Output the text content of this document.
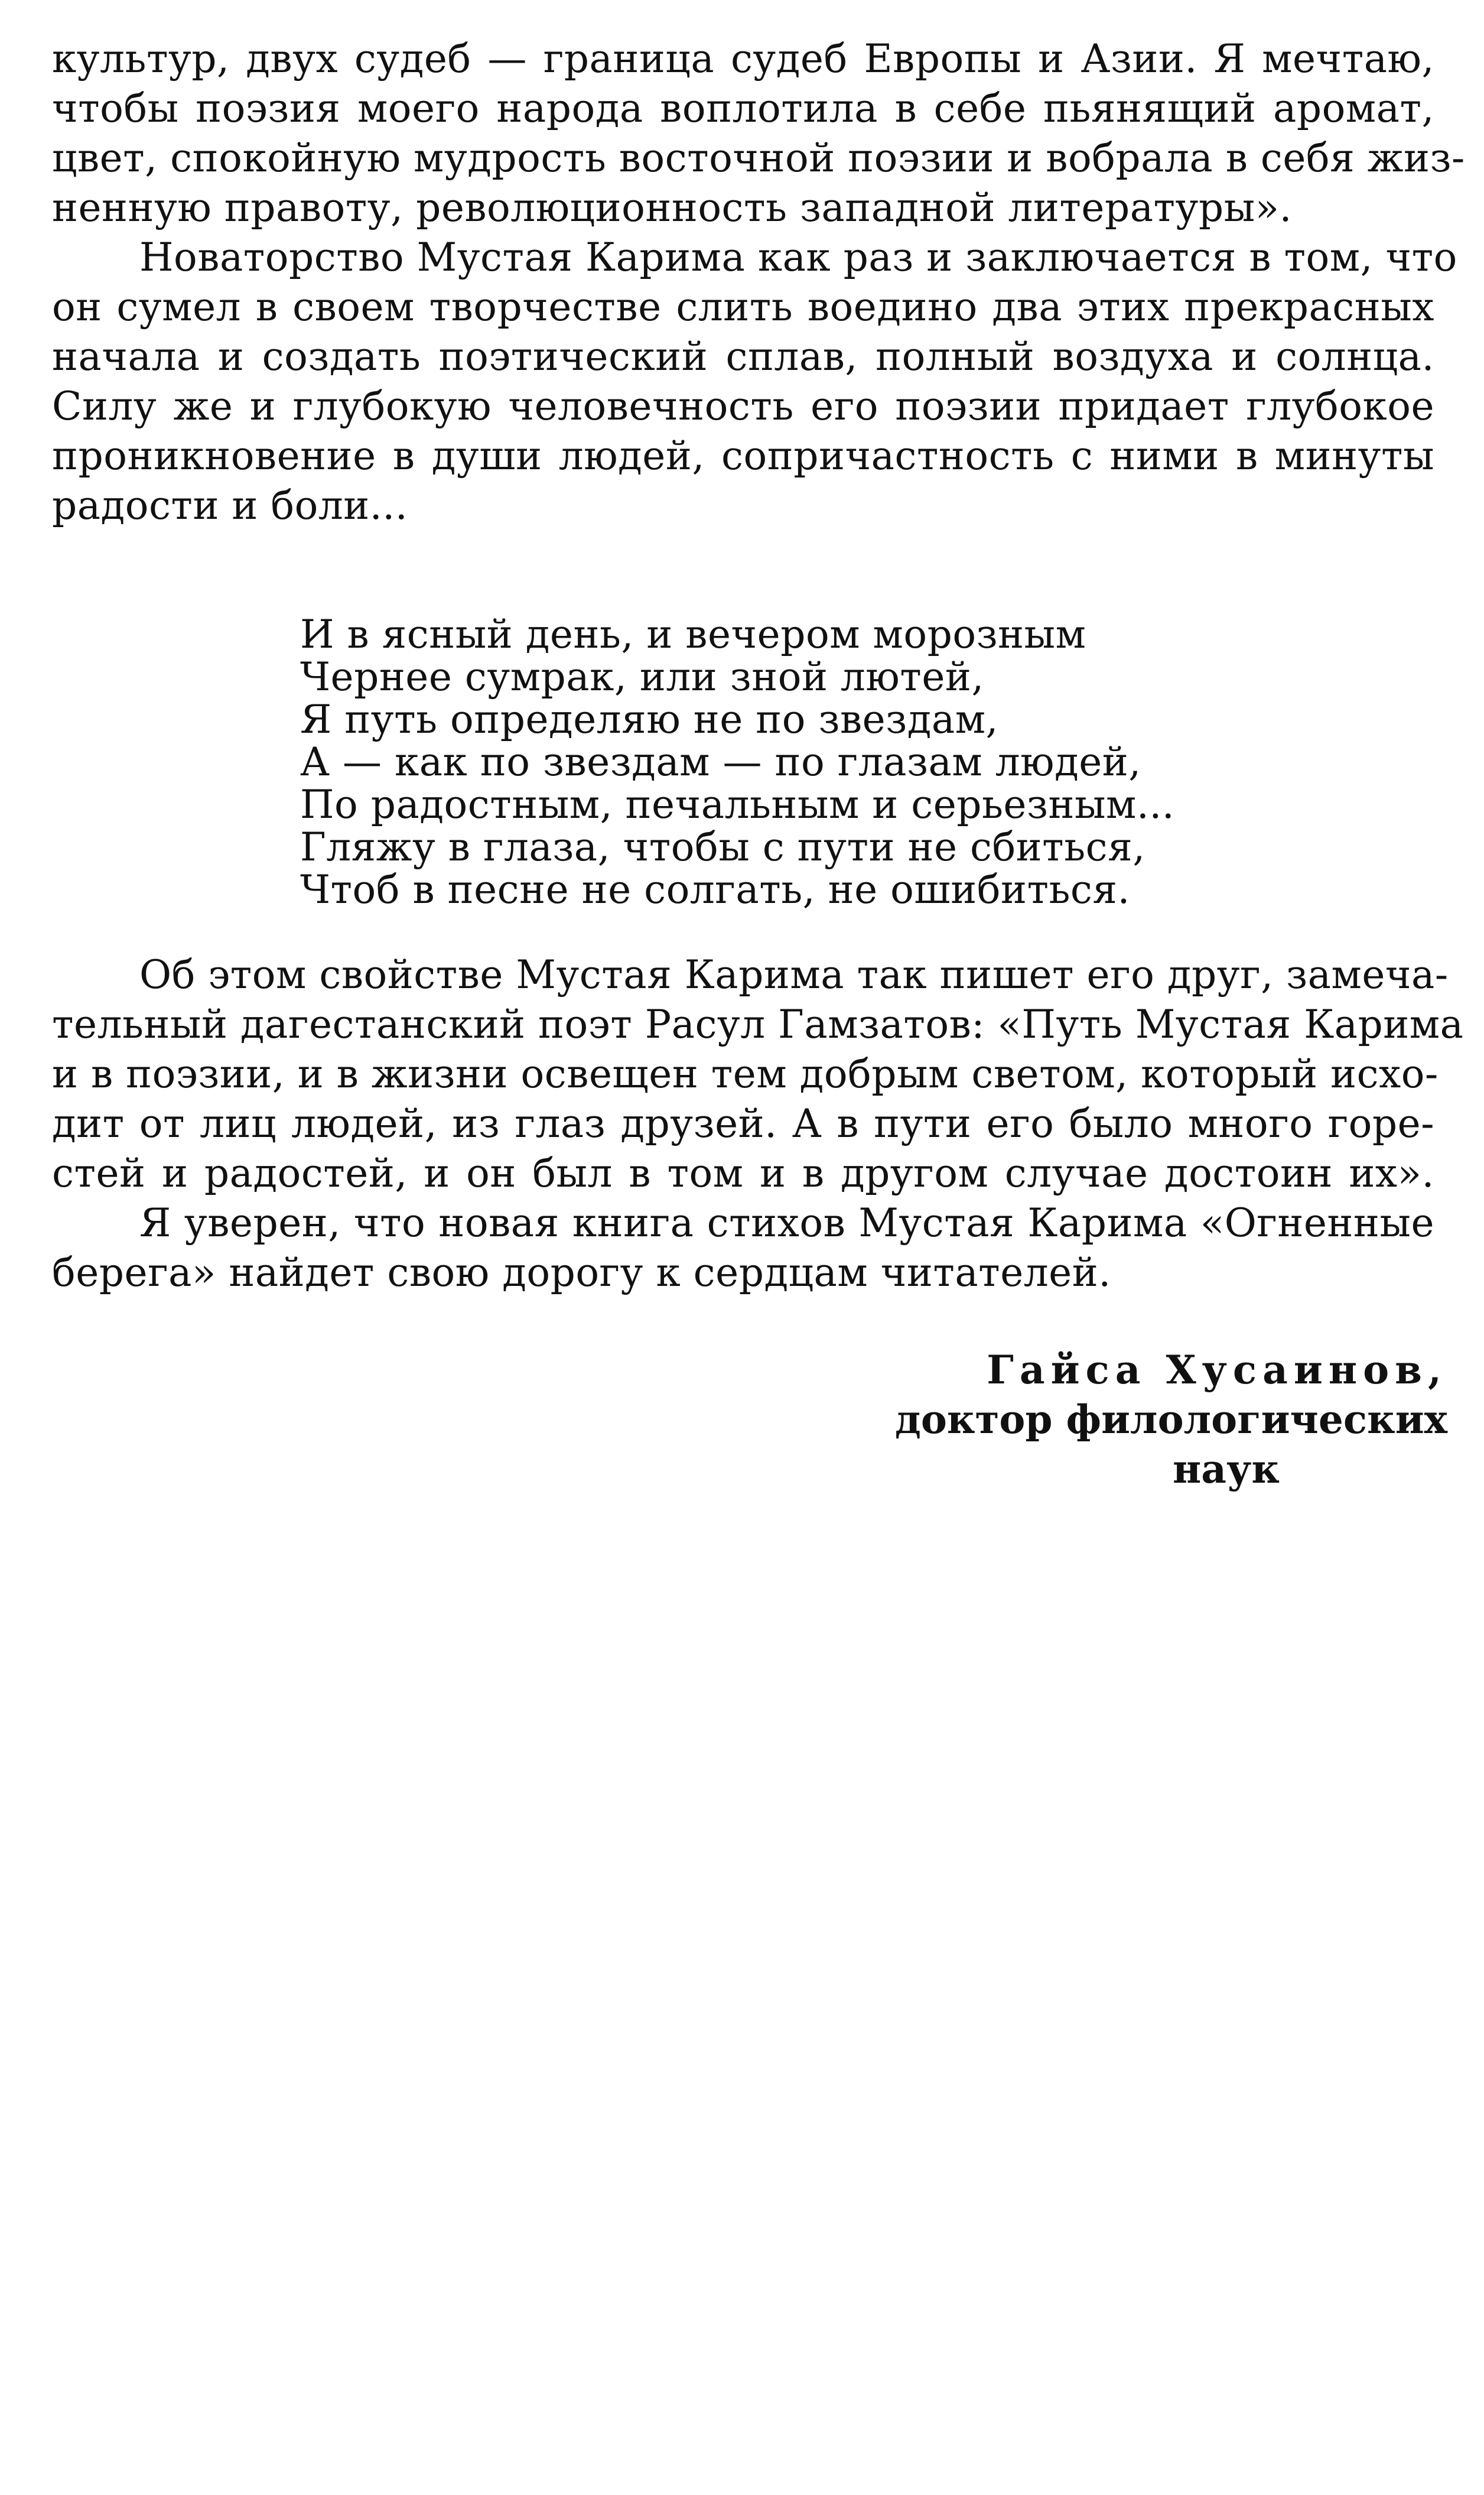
культур, двух судеб — граница судеб Европы и Азии. Я мечтаю,
чтобы поэзия моего народа воплотила в себе пьянящий аромат,
цвет, спокойную мудрость восточной поэзии и вобрала в себя жиз-
ненную правоту, революционность западной литературы».
Новаторство Мустая Карима как раз и заключается в том, что
он сумел в своем творчестве слить воедино два этих прекрасных
начала и создать поэтический сплав, полный воздуха и солнца.
Силу же и глубокую человечность его поэзии придает глубокое
проникновение в души людей, сопричастность с ними в минуты
радости и боли...
И в ясный день, и вечером морозным
Чернее сумрак, или зной лютей,
Я путь определяю не по звездам,
А — как по звездам — по глазам людей,
По радостным, печальным и серьезным...
Гляжу в глаза, чтобы с пути не сбиться,
Чтоб в песне не солгать, не ошибиться.
Об этом свойстве Мустая Карима так пишет его друг, замеча-
тельный дагестанский поэт Расул Гамзатов: «Путь Мустая Карима
и в поэзии, и в жизни освещен тем добрым светом, который исхо-
дит от лиц людей, из глаз друзей. А в пути его было много горе-
стей и радостей, и он был в том и в другом случае достоин их».
Я уверен, что новая книга стихов Мустая Карима «Огненные
берега» найдет свою дорогу к сердцам читателей.
Гайса Хусаинов,
доктор филологических
наук
